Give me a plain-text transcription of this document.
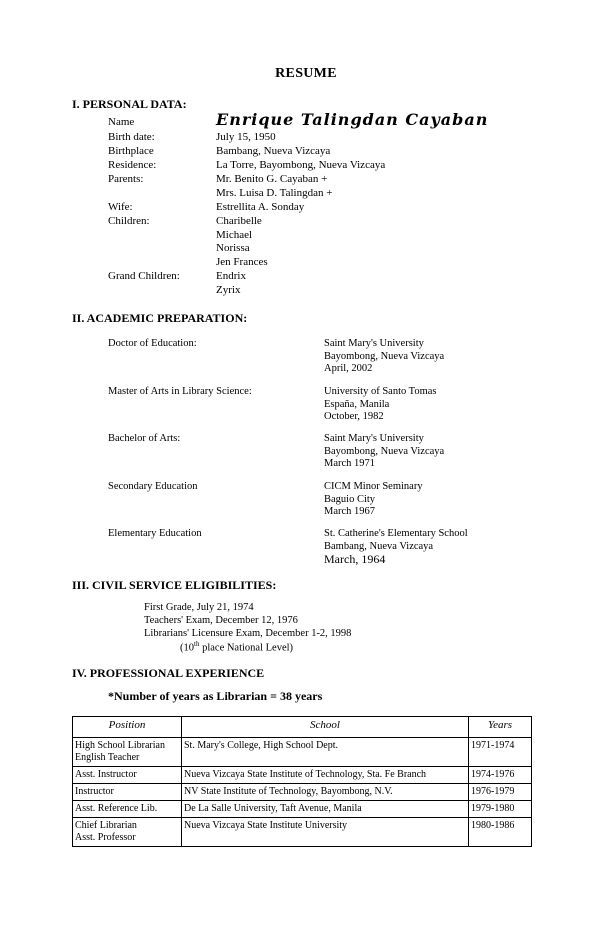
RESUME
I. PERSONAL DATA:
Name	Enrique Talingdan Cayaban
Birth date:	July 15, 1950
Birthplace	Bambang, Nueva Vizcaya
Residence:	La Torre, Bayombong, Nueva Vizcaya
Parents:	Mr. Benito G. Cayaban +
Mrs. Luisa D. Talingdan +
Wife:	Estrellita A. Sonday
Children:	Charibelle
Michael
Norissa
Jen Frances
Grand Children:	Endrix
Zyrix
II. ACADEMIC PREPARATION:
Doctor of Education:	Saint Mary's University
Bayombong, Nueva Vizcaya
April, 2002
Master of Arts in Library Science:	University of Santo Tomas
España, Manila
October, 1982
Bachelor of Arts:	Saint Mary's University
Bayombong, Nueva Vizcaya
March 1971
Secondary Education	CICM Minor Seminary
Baguio City
March 1967
Elementary Education	St. Catherine's Elementary School
Bambang, Nueva Vizcaya
March, 1964
III. CIVIL SERVICE ELIGIBILITIES:
First Grade, July 21, 1974
Teachers' Exam, December 12, 1976
Librarians' Licensure Exam, December 1-2, 1998
(10th place National Level)
IV. PROFESSIONAL EXPERIENCE
*Number of years as Librarian = 38 years
Position	School	Years

High School Librarian
English Teacher	St. Mary's College, High School Dept.	1971-1974

Asst. Instructor	Nueva Vizcaya State Institute of Technology, Sta. Fe Branch	1974-1976

Instructor	NV State Institute of Technology, Bayombong, N.V.	1976-1979

Asst. Reference Lib.	De La Salle University, Taft Avenue, Manila	1979-1980

Chief Librarian
Asst. Professor	Nueva Vizcaya State Institute University	1980-1986
